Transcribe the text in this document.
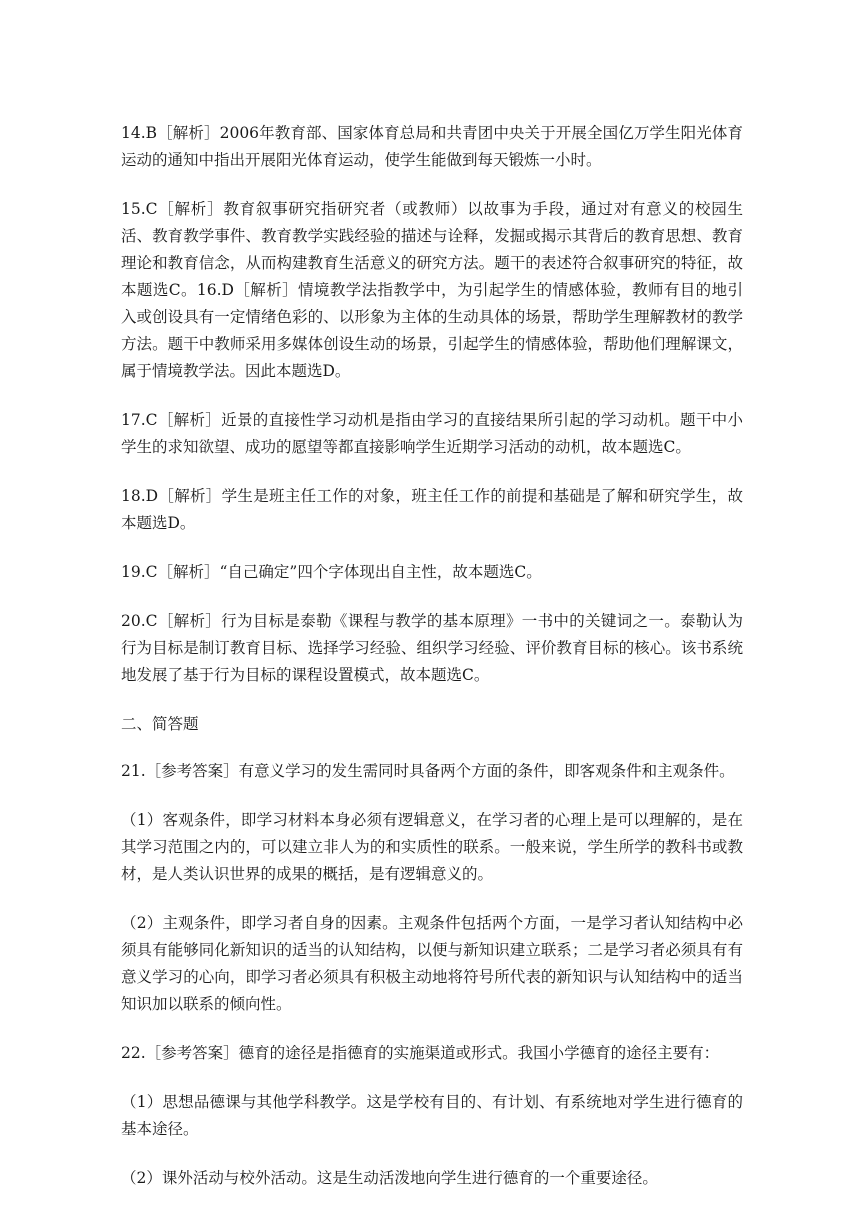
14.B［解析］2006年教育部、国家体育总局和共青团中央关于开展全国亿万学生阳光体育运动的通知中指出开展阳光体育运动，使学生能做到每天锻炼一小时。

15.C［解析］教育叙事研究指研究者（或教师）以故事为手段，通过对有意义的校园生活、教育教学事件、教育教学实践经验的描述与诠释，发掘或揭示其背后的教育思想、教育理论和教育信念，从而构建教育生活意义的研究方法。题干的表述符合叙事研究的特征，故本题选C。16.D［解析］情境教学法指教学中，为引起学生的情感体验，教师有目的地引入或创设具有一定情绪色彩的、以形象为主体的生动具体的场景，帮助学生理解教材的教学方法。题干中教师采用多媒体创设生动的场景，引起学生的情感体验，帮助他们理解课文，属于情境教学法。因此本题选D。

17.C［解析］近景的直接性学习动机是指由学习的直接结果所引起的学习动机。题干中小学生的求知欲望、成功的愿望等都直接影响学生近期学习活动的动机，故本题选C。

18.D［解析］学生是班主任工作的对象，班主任工作的前提和基础是了解和研究学生，故本题选D。

19.C［解析］“自己确定”四个字体现出自主性，故本题选C。

20.C［解析］行为目标是泰勒《课程与教学的基本原理》一书中的关键词之一。泰勒认为行为目标是制订教育目标、选择学习经验、组织学习经验、评价教育目标的核心。该书系统地发展了基于行为目标的课程设置模式，故本题选C。

二、简答题

21.［参考答案］有意义学习的发生需同时具备两个方面的条件，即客观条件和主观条件。

（1）客观条件，即学习材料本身必须有逻辑意义，在学习者的心理上是可以理解的，是在其学习范围之内的，可以建立非人为的和实质性的联系。一般来说，学生所学的教科书或教材，是人类认识世界的成果的概括，是有逻辑意义的。

（2）主观条件，即学习者自身的因素。主观条件包括两个方面，一是学习者认知结构中必须具有能够同化新知识的适当的认知结构，以便与新知识建立联系；二是学习者必须具有有意义学习的心向，即学习者必须具有积极主动地将符号所代表的新知识与认知结构中的适当知识加以联系的倾向性。

22.［参考答案］德育的途径是指德育的实施渠道或形式。我国小学德育的途径主要有：

（1）思想品德课与其他学科教学。这是学校有目的、有计划、有系统地对学生进行德育的基本途径。

（2）课外活动与校外活动。这是生动活泼地向学生进行德育的一个重要途径。
